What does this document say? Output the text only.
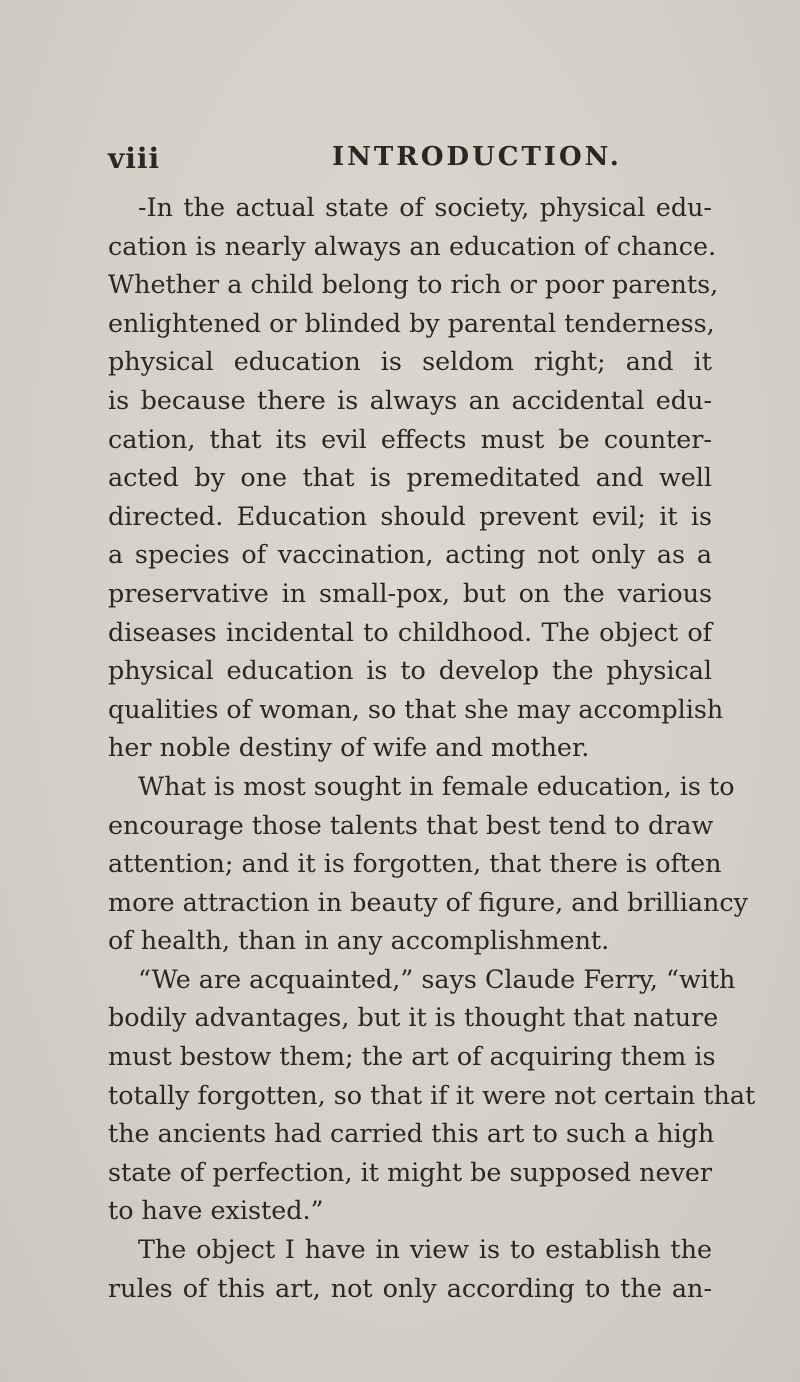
viii	INTRODUCTION.
-In the actual state of society, physical edu-
cation is nearly always an education of chance.
Whether a child belong to rich or poor parents,
enlightened or blinded by parental tenderness,
physical education is seldom right; and it
is because there is always an accidental edu-
cation, that its evil effects must be counter-
acted by one that is premeditated and well
directed. Education should prevent evil; it is
a species of vaccination, acting not only as a
preservative in small-pox, but on the various
diseases incidental to childhood. The object of
physical education is to develop the physical
qualities of woman, so that she may accomplish
her noble destiny of wife and mother.
What is most sought in female education, is to
encourage those talents that best tend to draw
attention; and it is forgotten, that there is often
more attraction in beauty of figure, and brilliancy
of health, than in any accomplishment.
“We are acquainted,” says Claude Ferry, “with
bodily advantages, but it is thought that nature
must bestow them; the art of acquiring them is
totally forgotten, so that if it were not certain that
the ancients had carried this art to such a high
state of perfection, it might be supposed never
to have existed.”
The object I have in view is to establish the
rules of this art, not only according to the an-
